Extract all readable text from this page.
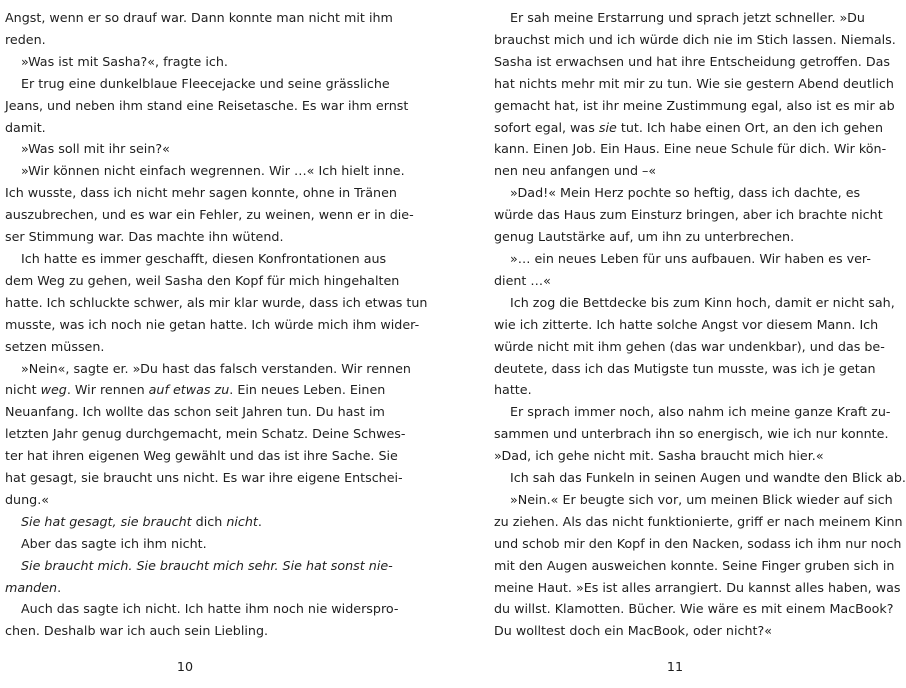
Angst, wenn er so drauf war. Dann konnte man nicht mit ihm

reden.

»Was ist mit Sasha?«, fragte ich.

Er trug eine dunkelblaue Fleecejacke und seine grässliche

Jeans, und neben ihm stand eine Reisetasche. Es war ihm ernst

damit.

»Was soll mit ihr sein?«

»Wir können nicht einfach wegrennen. Wir …« Ich hielt inne.

Ich wusste, dass ich nicht mehr sagen konnte, ohne in Tränen

auszubrechen, und es war ein Fehler, zu weinen, wenn er in die-

ser Stimmung war. Das machte ihn wütend.

Ich hatte es immer geschafft, diesen Konfrontationen aus

dem Weg zu gehen, weil Sasha den Kopf für mich hingehalten

hatte. Ich schluckte schwer, als mir klar wurde, dass ich etwas tun

musste, was ich noch nie getan hatte. Ich würde mich ihm wider-

setzen müssen.

»Nein«, sagte er. »Du hast das falsch verstanden. Wir rennen

nicht weg. Wir rennen auf etwas zu. Ein neues Leben. Einen

Neuanfang. Ich wollte das schon seit Jahren tun. Du hast im

letzten Jahr genug durchgemacht, mein Schatz. Deine Schwes-

ter hat ihren eigenen Weg gewählt und das ist ihre Sache. Sie

hat gesagt, sie braucht uns nicht. Es war ihre eigene Entschei-

dung.«

Sie hat gesagt, sie braucht dich nicht.

Aber das sagte ich ihm nicht.

Sie braucht mich. Sie braucht mich sehr. Sie hat sonst nie-

manden.

Auch das sagte ich nicht. Ich hatte ihm noch nie widerspro-

chen. Deshalb war ich auch sein Liebling.

Er sah meine Erstarrung und sprach jetzt schneller. »Du

brauchst mich und ich würde dich nie im Stich lassen. Niemals.

Sasha ist erwachsen und hat ihre Entscheidung getroffen. Das

hat nichts mehr mit mir zu tun. Wie sie gestern Abend deutlich

gemacht hat, ist ihr meine Zustimmung egal, also ist es mir ab

sofort egal, was sie tut. Ich habe einen Ort, an den ich gehen

kann. Einen Job. Ein Haus. Eine neue Schule für dich. Wir kön-

nen neu anfangen und –«

»Dad!« Mein Herz pochte so heftig, dass ich dachte, es

würde das Haus zum Einsturz bringen, aber ich brachte nicht

genug Lautstärke auf, um ihn zu unterbrechen.

»… ein neues Leben für uns aufbauen. Wir haben es ver-

dient …«

Ich zog die Bettdecke bis zum Kinn hoch, damit er nicht sah,

wie ich zitterte. Ich hatte solche Angst vor diesem Mann. Ich

würde nicht mit ihm gehen (das war undenkbar), und das be-

deutete, dass ich das Mutigste tun musste, was ich je getan

hatte.

Er sprach immer noch, also nahm ich meine ganze Kraft zu-

sammen und unterbrach ihn so energisch, wie ich nur konnte.

»Dad, ich gehe nicht mit. Sasha braucht mich hier.«

Ich sah das Funkeln in seinen Augen und wandte den Blick ab.

»Nein.« Er beugte sich vor, um meinen Blick wieder auf sich

zu ziehen. Als das nicht funktionierte, griff er nach meinem Kinn

und schob mir den Kopf in den Nacken, sodass ich ihm nur noch

mit den Augen ausweichen konnte. Seine Finger gruben sich in

meine Haut. »Es ist alles arrangiert. Du kannst alles haben, was

du willst. Klamotten. Bücher. Wie wäre es mit einem MacBook?

Du wolltest doch ein MacBook, oder nicht?«

10	11
